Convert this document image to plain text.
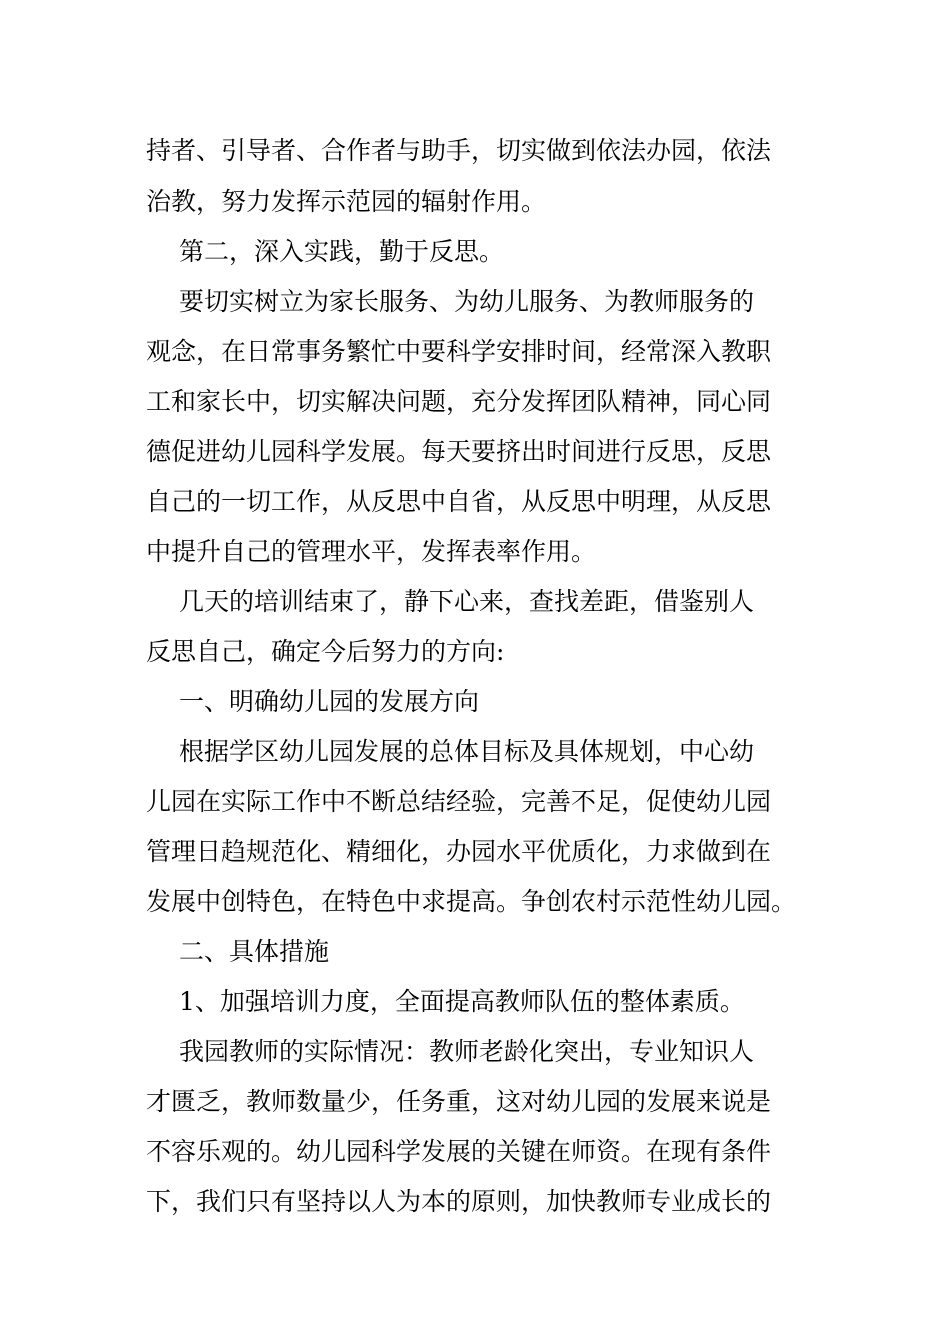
持者、引导者、合作者与助手，切实做到依法办园，依法
治教，努力发挥示范园的辐射作用。
第二，深入实践，勤于反思。
要切实树立为家长服务、为幼儿服务、为教师服务的
观念，在日常事务繁忙中要科学安排时间，经常深入教职
工和家长中，切实解决问题，充分发挥团队精神，同心同
德促进幼儿园科学发展。每天要挤出时间进行反思，反思
自己的一切工作，从反思中自省，从反思中明理，从反思
中提升自己的管理水平，发挥表率作用。
几天的培训结束了，静下心来，查找差距，借鉴别人
反思自己，确定今后努力的方向:
一、明确幼儿园的发展方向
根据学区幼儿园发展的总体目标及具体规划，中心幼
儿园在实际工作中不断总结经验，完善不足，促使幼儿园
管理日趋规范化、精细化，办园水平优质化，力求做到在
发展中创特色，在特色中求提高。争创农村示范性幼儿园。
二、具体措施
1、加强培训力度，全面提高教师队伍的整体素质。
我园教师的实际情况：教师老龄化突出，专业知识人
才匮乏，教师数量少，任务重，这对幼儿园的发展来说是
不容乐观的。幼儿园科学发展的关键在师资。在现有条件
下，我们只有坚持以人为本的原则，加快教师专业成长的
